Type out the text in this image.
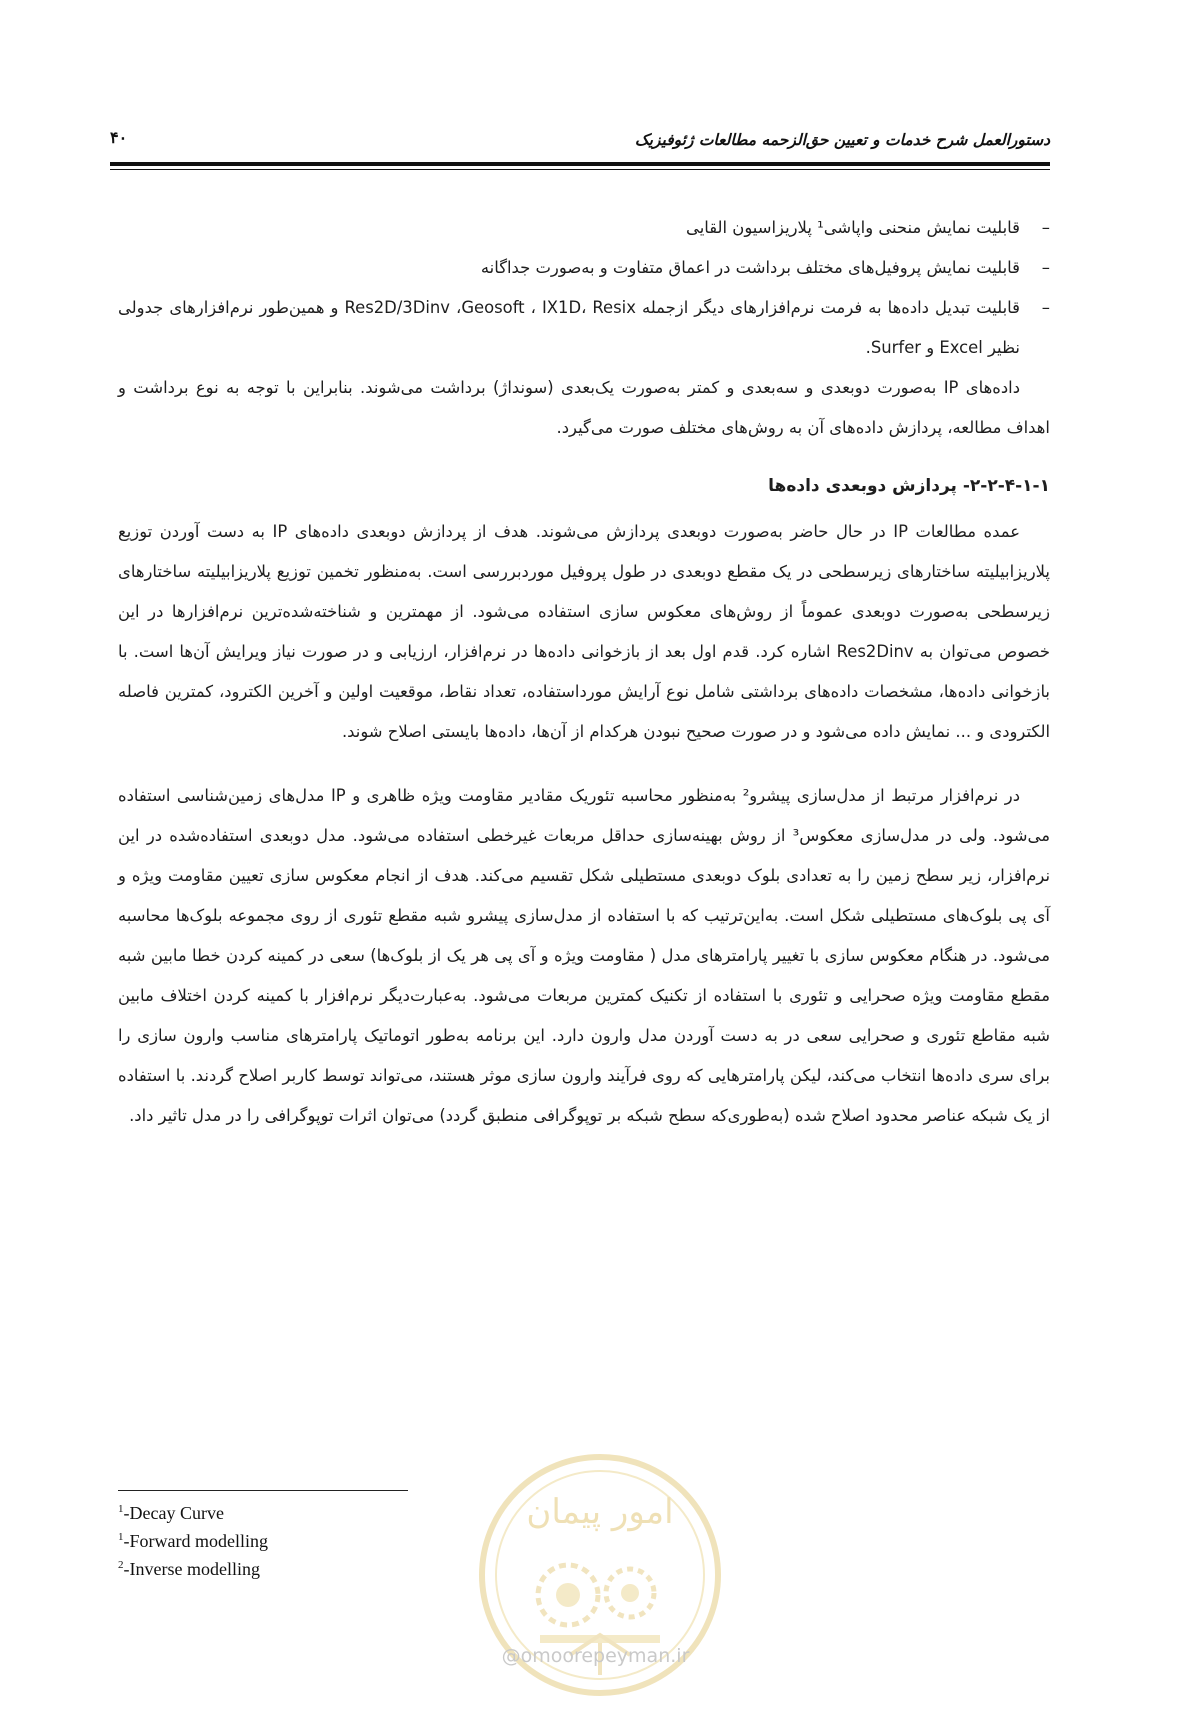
دستورالعمل شرح خدمات و تعیین حق‌الزحمه مطالعات ژئوفیزیک
۴۰
–
قابلیت نمایش منحنی واپاشی¹ پلاریزاسیون القایی
–
قابلیت نمایش پروفیل‌های مختلف برداشت در اعماق متفاوت و به‌صورت جداگانه
–
قابلیت تبدیل داده‌ها به فرمت نرم‌افزارهای دیگر ازجمله Res2D/3Dinv ،Geosoft ، IX1D، Resix و همین‌طور نرم‌افزارهای جدولی نظیر Excel و Surfer.

داده‌های IP به‌صورت دوبعدی و سه‌بعدی و کمتر به‌صورت یک‌بعدی (سونداژ) برداشت می‌شوند. بنابراین با توجه به نوع برداشت و اهداف مطالعه، پردازش داده‌های آن به روش‌های مختلف صورت می‌گیرد.

۲-۲-۴-۱-۱- پردازش دوبعدی داده‌ها

عمده مطالعات IP در حال حاضر به‌صورت دوبعدی پردازش می‌شوند. هدف از پردازش دوبعدی داده‌های IP به دست آوردن توزیع پلاریزابیلیته ساختارهای زیرسطحی در یک مقطع دوبعدی در طول پروفیل موردبررسی است. به‌منظور تخمین توزیع پلاریزابیلیته ساختارهای زیرسطحی به‌صورت دوبعدی عموماً از روش‌های معکوس سازی استفاده می‌شود. از مهمترین و شناخته‌شده‌ترین نرم‌افزارها در این خصوص می‌توان به Res2Dinv اشاره کرد. قدم اول بعد از بازخوانی داده‌ها در نرم‌افزار، ارزیابی و در صورت نیاز ویرایش آن‌ها است. با بازخوانی داده‌ها، مشخصات داده‌های برداشتی شامل نوع آرایش مورداستفاده، تعداد نقاط، موقعیت اولین و آخرین الکترود، کمترین فاصله الکترودی و ... نمایش داده می‌شود و در صورت صحیح نبودن هرکدام از آن‌ها، داده‌ها بایستی اصلاح شوند.

در نرم‌افزار مرتبط از مدل‌سازی پیشرو² به‌منظور محاسبه تئوریک مقادیر مقاومت ویژه ظاهری و IP مدل‌های زمین‌شناسی استفاده می‌شود. ولی در مدل‌سازی معکوس³ از روش بهینه‌سازی حداقل مربعات غیرخطی استفاده می‌شود. مدل دوبعدی استفاده‌شده در این نرم‌افزار، زیر سطح زمین را به تعدادی بلوک دوبعدی مستطیلی شکل تقسیم می‌کند. هدف از انجام معکوس سازی تعیین مقاومت ویژه و آی پی بلوک‌های مستطیلی شکل است. به‌این‌ترتیب که با استفاده از مدل‌سازی پیشرو شبه مقطع تئوری از روی مجموعه بلوک‌ها محاسبه می‌شود. در هنگام معکوس سازی با تغییر پارامترهای مدل ( مقاومت ویژه و آی پی هر یک از بلوک‌ها) سعی در کمینه کردن خطا مابین شبه مقطع مقاومت ویژه صحرایی و تئوری با استفاده از تکنیک کمترین مربعات می‌شود. به‌عبارت‌دیگر نرم‌افزار با کمینه کردن اختلاف مابین شبه مقاطع تئوری و صحرایی سعی در به دست آوردن مدل وارون دارد. این برنامه به‌طور اتوماتیک پارامترهای مناسب وارون سازی را برای سری داده‌ها انتخاب می‌کند، لیکن پارامترهایی که روی فرآیند وارون سازی موثر هستند، می‌تواند توسط کاربر اصلاح گردند. با استفاده از یک شبکه عناصر محدود اصلاح شده (به‌طوری‌که سطح شبکه بر توپوگرافی منطبق گردد) می‌توان اثرات توپوگرافی را در مدل تاثیر داد.

امور پیمان
$^1$-Decay Curve
$^1$-Forward modelling
$^2$-Inverse modelling
@omoorepeyman.ir
